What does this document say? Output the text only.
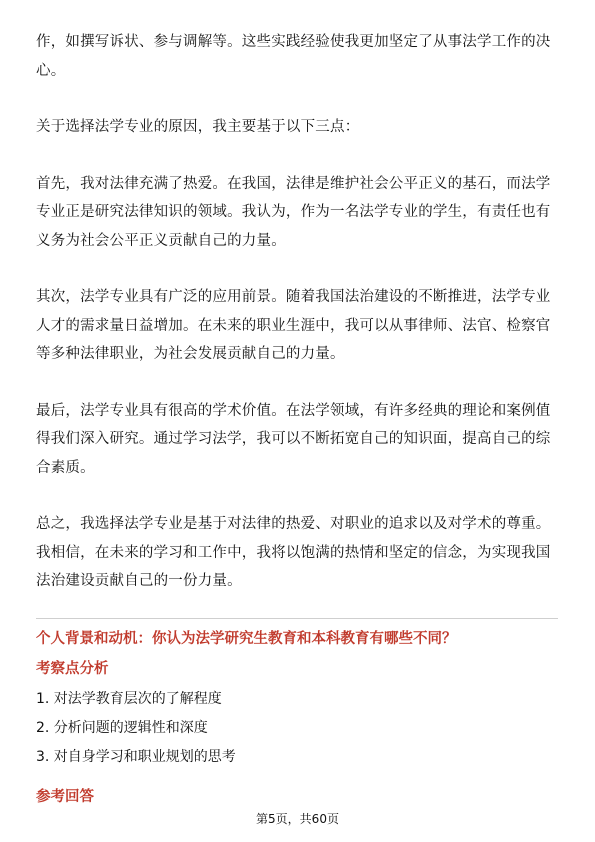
作，如撰写诉状、参与调解等。这些实践经验使我更加坚定了从事法学工作的决心。

关于选择法学专业的原因，我主要基于以下三点：

首先，我对法律充满了热爱。在我国，法律是维护社会公平正义的基石，而法学专业正是研究法律知识的领域。我认为，作为一名法学专业的学生，有责任也有义务为社会公平正义贡献自己的力量。

其次，法学专业具有广泛的应用前景。随着我国法治建设的不断推进，法学专业人才的需求量日益增加。在未来的职业生涯中，我可以从事律师、法官、检察官等多种法律职业，为社会发展贡献自己的力量。

最后，法学专业具有很高的学术价值。在法学领域，有许多经典的理论和案例值得我们深入研究。通过学习法学，我可以不断拓宽自己的知识面，提高自己的综合素质。

总之，我选择法学专业是基于对法律的热爱、对职业的追求以及对学术的尊重。我相信，在未来的学习和工作中，我将以饱满的热情和坚定的信念，为实现我国法治建设贡献自己的一份力量。

个人背景和动机：你认为法学研究生教育和本科教育有哪些不同？
考察点分析
1. 对法学教育层次的了解程度
2. 分析问题的逻辑性和深度
3. 对自身学习和职业规划的思考
参考回答
第5页，共60页
